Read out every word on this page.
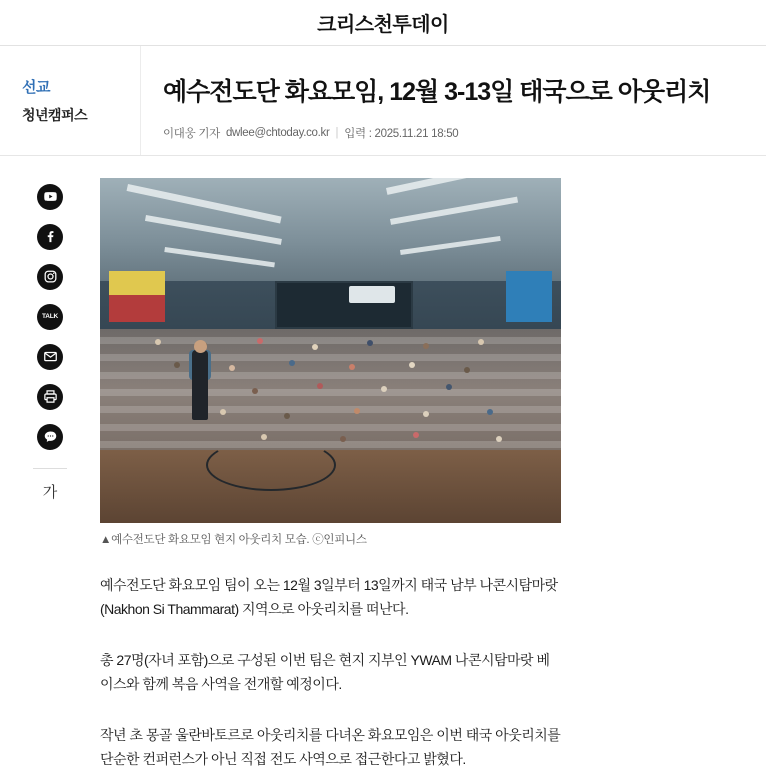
크리스천투데이
선교
청년캠퍼스
예수전도단 화요모임, 12월 3-13일 태국으로 아웃리치
이대웅 기자 dwlee@chtoday.co.kr | 입력 : 2025.11.21 18:50
TALK
가
▲예수전도단 화요모임 현지 아웃리치 모습. ⓒ인피니스

예수전도단 화요모임 팀이 오는 12월 3일부터 13일까지 태국 남부 나콘시탐마랏(Nakhon Si Thammarat) 지역으로 아웃리치를 떠난다.

총 27명(자녀 포함)으로 구성된 이번 팀은 현지 지부인 YWAM 나콘시탐마랏 베이스와 함께 복음 사역을 전개할 예정이다.

작년 초 몽골 울란바토르로 아웃리치를 다녀온 화요모임은 이번 태국 아웃리치를 단순한 컨퍼런스가 아닌 직접 전도 사역으로 접근한다고 밝혔다.
